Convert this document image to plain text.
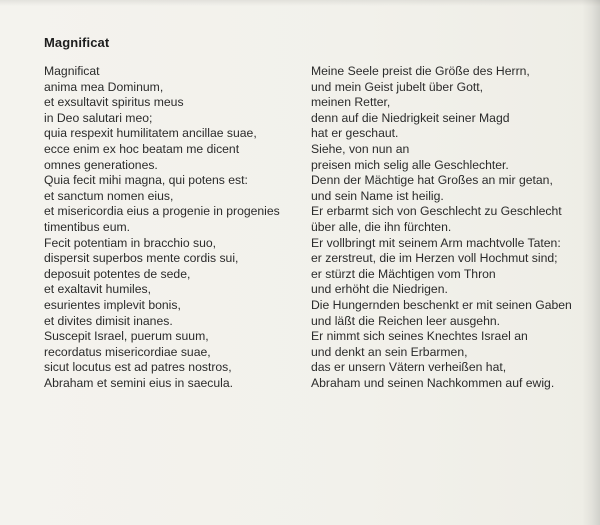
Magnificat
Magnificat
anima mea Dominum,
et exsultavit spiritus meus
in Deo salutari meo;
quia respexit humilitatem ancillae suae,
ecce enim ex hoc beatam me dicent
omnes generationes.
Quia fecit mihi magna, qui potens est:
et sanctum nomen eius,
et misericordia eius a progenie in progenies
timentibus eum.
Fecit potentiam in bracchio suo,
dispersit superbos mente cordis sui,
deposuit potentes de sede,
et exaltavit humiles,
esurientes implevit bonis,
et divites dimisit inanes.
Suscepit Israel, puerum suum,
recordatus misericordiae suae,
sicut locutus est ad patres nostros,
Abraham et semini eius in saecula.
Meine Seele preist die Größe des Herrn,
und mein Geist jubelt über Gott,
meinen Retter,
denn auf die Niedrigkeit seiner Magd
hat er geschaut.
Siehe, von nun an
preisen mich selig alle Geschlechter.
Denn der Mächtige hat Großes an mir getan,
und sein Name ist heilig.
Er erbarmt sich von Geschlecht zu Geschlecht
über alle, die ihn fürchten.
Er vollbringt mit seinem Arm machtvolle Taten:
er zerstreut, die im Herzen voll Hochmut sind;
er stürzt die Mächtigen vom Thron
und erhöht die Niedrigen.
Die Hungernden beschenkt er mit seinen Gaben
und läßt die Reichen leer ausgehn.
Er nimmt sich seines Knechtes Israel an
und denkt an sein Erbarmen,
das er unsern Vätern verheißen hat,
Abraham und seinen Nachkommen auf ewig.
